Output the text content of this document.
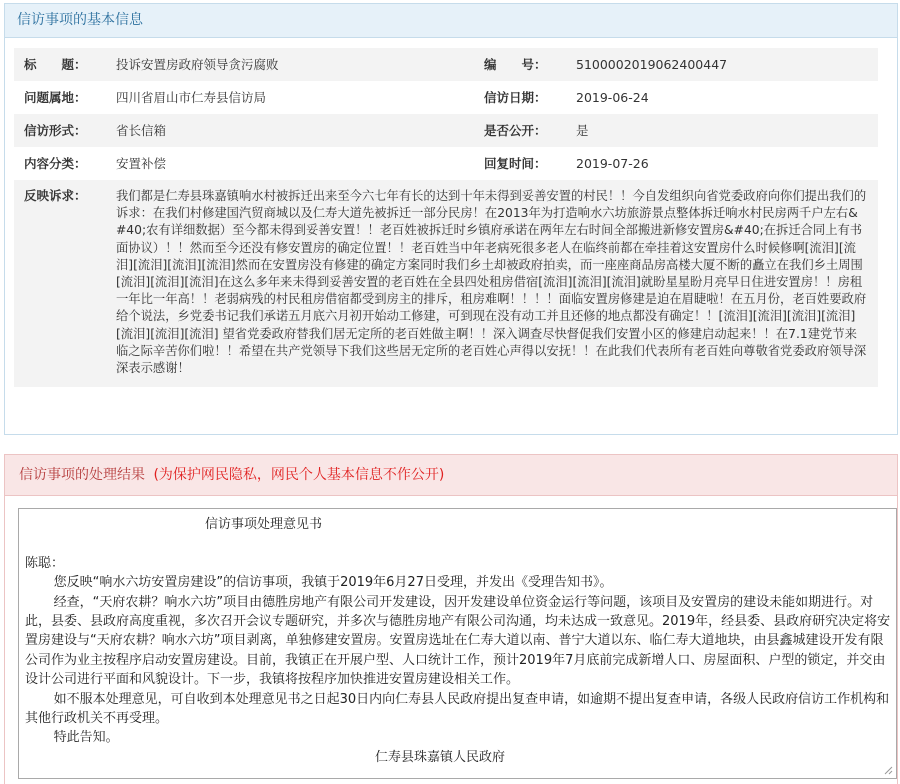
信访事项的基本信息
标　　题： 投诉安置房政府领导贪污腐败	编　　号： 5100002019062400447
问题属地： 四川省眉山市仁寿县信访局	信访日期： 2019-06-24
信访形式： 省长信箱	是否公开： 是
内容分类： 安置补偿	回复时间： 2019-07-26
反映诉求： 我们都是仁寿县珠嘉镇响水村被拆迁出来至今六七年有长的达到十年未得到妥善安置的村民！！今自发组织向省党委政府向你们提出我们的诉求：在我们村修建国汽贸商城以及仁寿大道先被拆迁一部分民房！在2013年为打造响水六坊旅游景点整体拆迁响水村民房两千户左右&#40;农有详细数据）至今都未得到妥善安置！！老百姓被拆迁时乡镇府承诺在两年左右时间全部搬进新修安置房&#40;在拆迁合同上有书面协议）！！然而至今还没有修安置房的确定位置！！老百姓当中年老病死很多老人在临终前都在牵挂着这安置房什么时候修啊[流泪][流泪][流泪][流泪][流泪]然而在安置房没有修建的确定方案同时我们乡土却被政府拍卖，而一座座商品房高楼大厦不断的矗立在我们乡土周围[流泪][流泪][流泪]在这么多年来未得到妥善安置的老百姓在全县四处租房借宿[流泪][流泪][流泪]就盼星星盼月亮早日住进安置房！！房租一年比一年高！！老弱病残的村民租房借宿都受到房主的排斥，租房难啊！！！！面临安置房修建是迫在眉睫啦！在五月份，老百姓要政府给个说法，乡党委书记我们承诺五月底六月初开始动工修建，可到现在没有动工并且还修的地点都没有确定！！[流泪][流泪][流泪][流泪][流泪][流泪][流泪] 望省党委政府替我们居无定所的老百姓做主啊！！深入调查尽快督促我们安置小区的修建启动起来！！在7.1建党节来临之际辛苦你们啦！！希望在共产党领导下我们这些居无定所的老百姓心声得以安抚！！在此我们代表所有老百姓向尊敬省党委政府领导深深表示感谢！
信访事项的处理结果 (为保护网民隐私，网民个人基本信息不作公开)

信访事项处理意见书

陈聪：

您反映“响水六坊安置房建设”的信访事项，我镇于2019年6月27日受理，并发出《受理告知书》。

经查，“天府农耕？响水六坊”项目由德胜房地产有限公司开发建设，因开发建设单位资金运行等问题，该项目及安置房的建设未能如期进行。对此，县委、县政府高度重视，多次召开会议专题研究，并多次与德胜房地产有限公司沟通，均未达成一致意见。2019年，经县委、县政府研究决定将安置房建设与“天府农耕？响水六坊”项目剥离，单独修建安置房。安置房选址在仁寿大道以南、普宁大道以东、临仁寿大道地块，由县鑫城建设开发有限公司作为业主按程序启动安置房建设。目前，我镇正在开展户型、人口统计工作，预计2019年7月底前完成新增人口、房屋面积、户型的锁定，并交由设计公司进行平面和风貌设计。下一步，我镇将按程序加快推进安置房建设相关工作。

如不服本处理意见，可自收到本处理意见书之日起30日内向仁寿县人民政府提出复查申请，如逾期不提出复查申请，各级人民政府信访工作机构和其他行政机关不再受理。

特此告知。

仁寿县珠嘉镇人民政府
